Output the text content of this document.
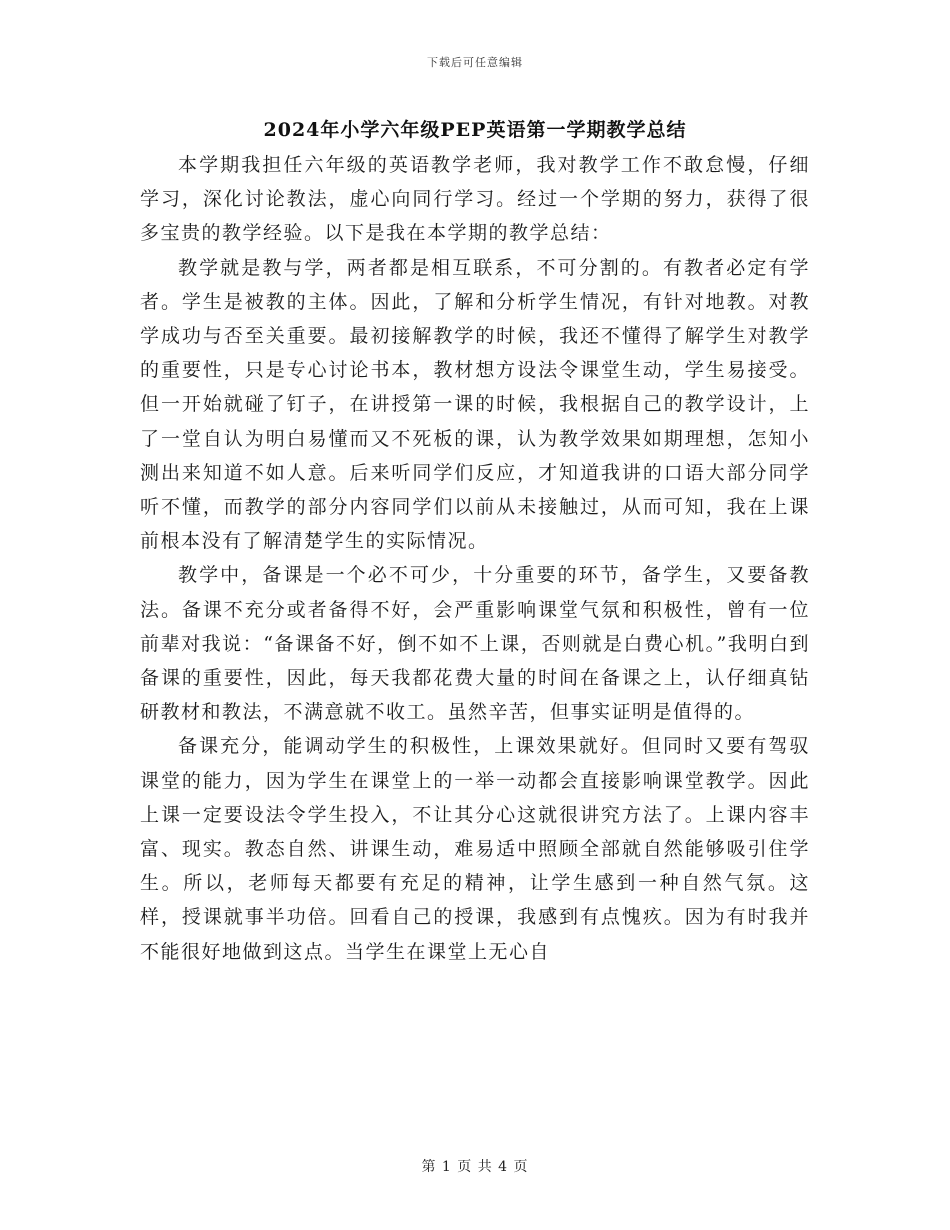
下载后可任意编辑
2024年小学六年级PEP英语第一学期教学总结

本学期我担任六年级的英语教学老师，我对教学工作不敢怠慢，仔细学习，深化讨论教法，虚心向同行学习。经过一个学期的努力，获得了很多宝贵的教学经验。以下是我在本学期的教学总结：

教学就是教与学，两者都是相互联系，不可分割的。有教者必定有学者。学生是被教的主体。因此，了解和分析学生情况，有针对地教。对教学成功与否至关重要。最初接解教学的时候，我还不懂得了解学生对教学的重要性，只是专心讨论书本，教材想方设法令课堂生动，学生易接受。但一开始就碰了钉子，在讲授第一课的时候，我根据自己的教学设计，上了一堂自认为明白易懂而又不死板的课，认为教学效果如期理想，怎知小测出来知道不如人意。后来听同学们反应，才知道我讲的口语大部分同学听不懂，而教学的部分内容同学们以前从未接触过，从而可知，我在上课前根本没有了解清楚学生的实际情况。

教学中，备课是一个必不可少，十分重要的环节，备学生，又要备教法。备课不充分或者备得不好，会严重影响课堂气氛和积极性，曾有一位前辈对我说：“备课备不好，倒不如不上课，否则就是白费心机。”我明白到备课的重要性，因此，每天我都花费大量的时间在备课之上，认仔细真钻研教材和教法，不满意就不收工。虽然辛苦，但事实证明是值得的。

备课充分，能调动学生的积极性，上课效果就好。但同时又要有驾驭课堂的能力，因为学生在课堂上的一举一动都会直接影响课堂教学。因此上课一定要设法令学生投入，不让其分心这就很讲究方法了。上课内容丰富、现实。教态自然、讲课生动，难易适中照顾全部就自然能够吸引住学生。所以，老师每天都要有充足的精神，让学生感到一种自然气氛。这样，授课就事半功倍。回看自己的授课，我感到有点愧疚。因为有时我并不能很好地做到这点。当学生在课堂上无心自

第 1 页 共 4 页
